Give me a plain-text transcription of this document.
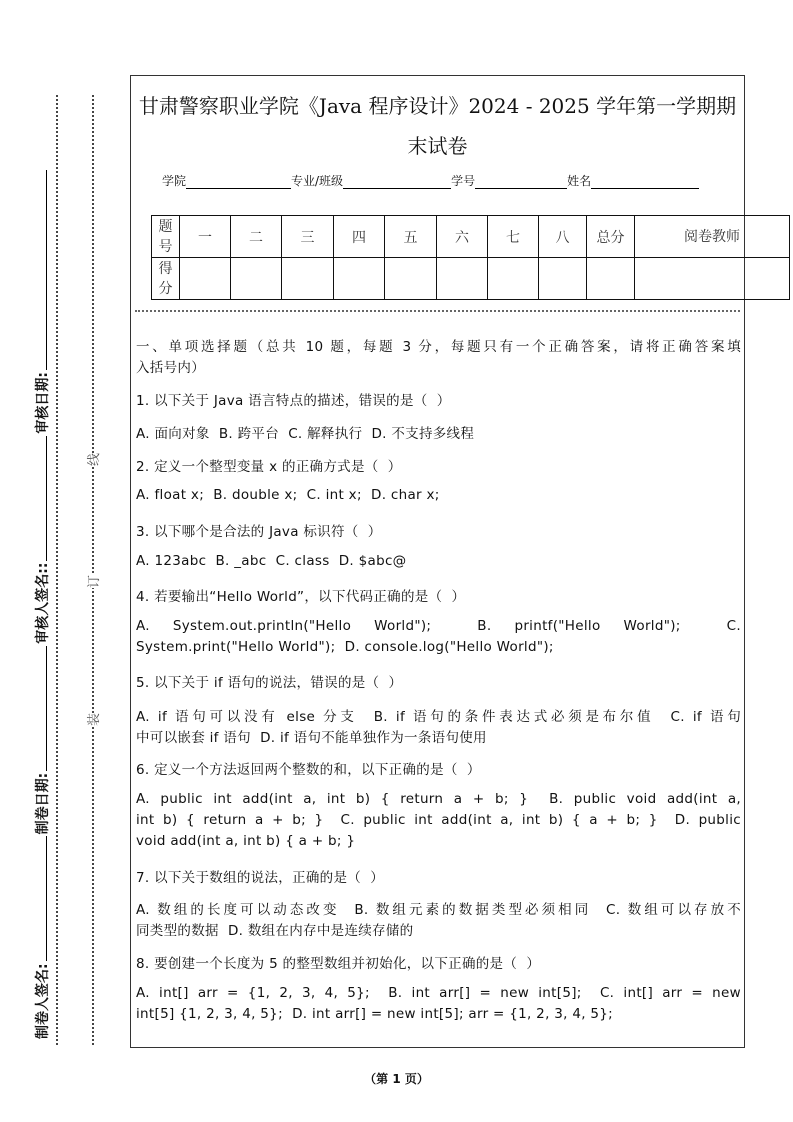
制卷人签名:
制卷日期:
审核人签名::
审核日期:
装
订
线
甘肃警察职业学院《Java 程序设计》2024 - 2025 学年第一学期期
末试卷
学院	专业/班级	学号	姓名
题号	一	二	三	四	五	六	七	八	总分	阅卷教师
得分										
一、单项选择题（总共 10 题，每题 3 分，每题只有一个正确答案，请将正确答案填
入括号内）
1. 以下关于 Java 语言特点的描述，错误的是（  ）
A. 面向对象  B. 跨平台  C. 解释执行  D. 不支持多线程
2. 定义一个整型变量 x 的正确方式是（  ）
A. float x;  B. double x;  C. int x;  D. char x;
3. 以下哪个是合法的 Java 标识符（  ）
A. 123abc  B. _abc  C. class  D. $abc@
4. 若要输出“Hello World”，以下代码正确的是（  ）
A.  System.out.println("Hello  World");    B.  printf("Hello  World");    C.
System.print("Hello World");  D. console.log("Hello World");
5. 以下关于 if 语句的说法，错误的是（  ）
A. if 语句可以没有 else 分支  B. if 语句的条件表达式必须是布尔值  C. if 语句
中可以嵌套 if 语句  D. if 语句不能单独作为一条语句使用
6. 定义一个方法返回两个整数的和，以下正确的是（  ）
A. public int add(int a, int b) { return a + b; }  B. public void add(int a,
int b) { return a + b; }  C. public int add(int a, int b) { a + b; }  D. public
void add(int a, int b) { a + b; }
7. 以下关于数组的说法，正确的是（  ）
A. 数组的长度可以动态改变  B. 数组元素的数据类型必须相同  C. 数组可以存放不
同类型的数据  D. 数组在内存中是连续存储的
8. 要创建一个长度为 5 的整型数组并初始化，以下正确的是（  ）
A. int[] arr = {1, 2, 3, 4, 5};  B. int arr[] = new int[5];  C. int[] arr = new
int[5] {1, 2, 3, 4, 5};  D. int arr[] = new int[5]; arr = {1, 2, 3, 4, 5};
（第 1 页）
